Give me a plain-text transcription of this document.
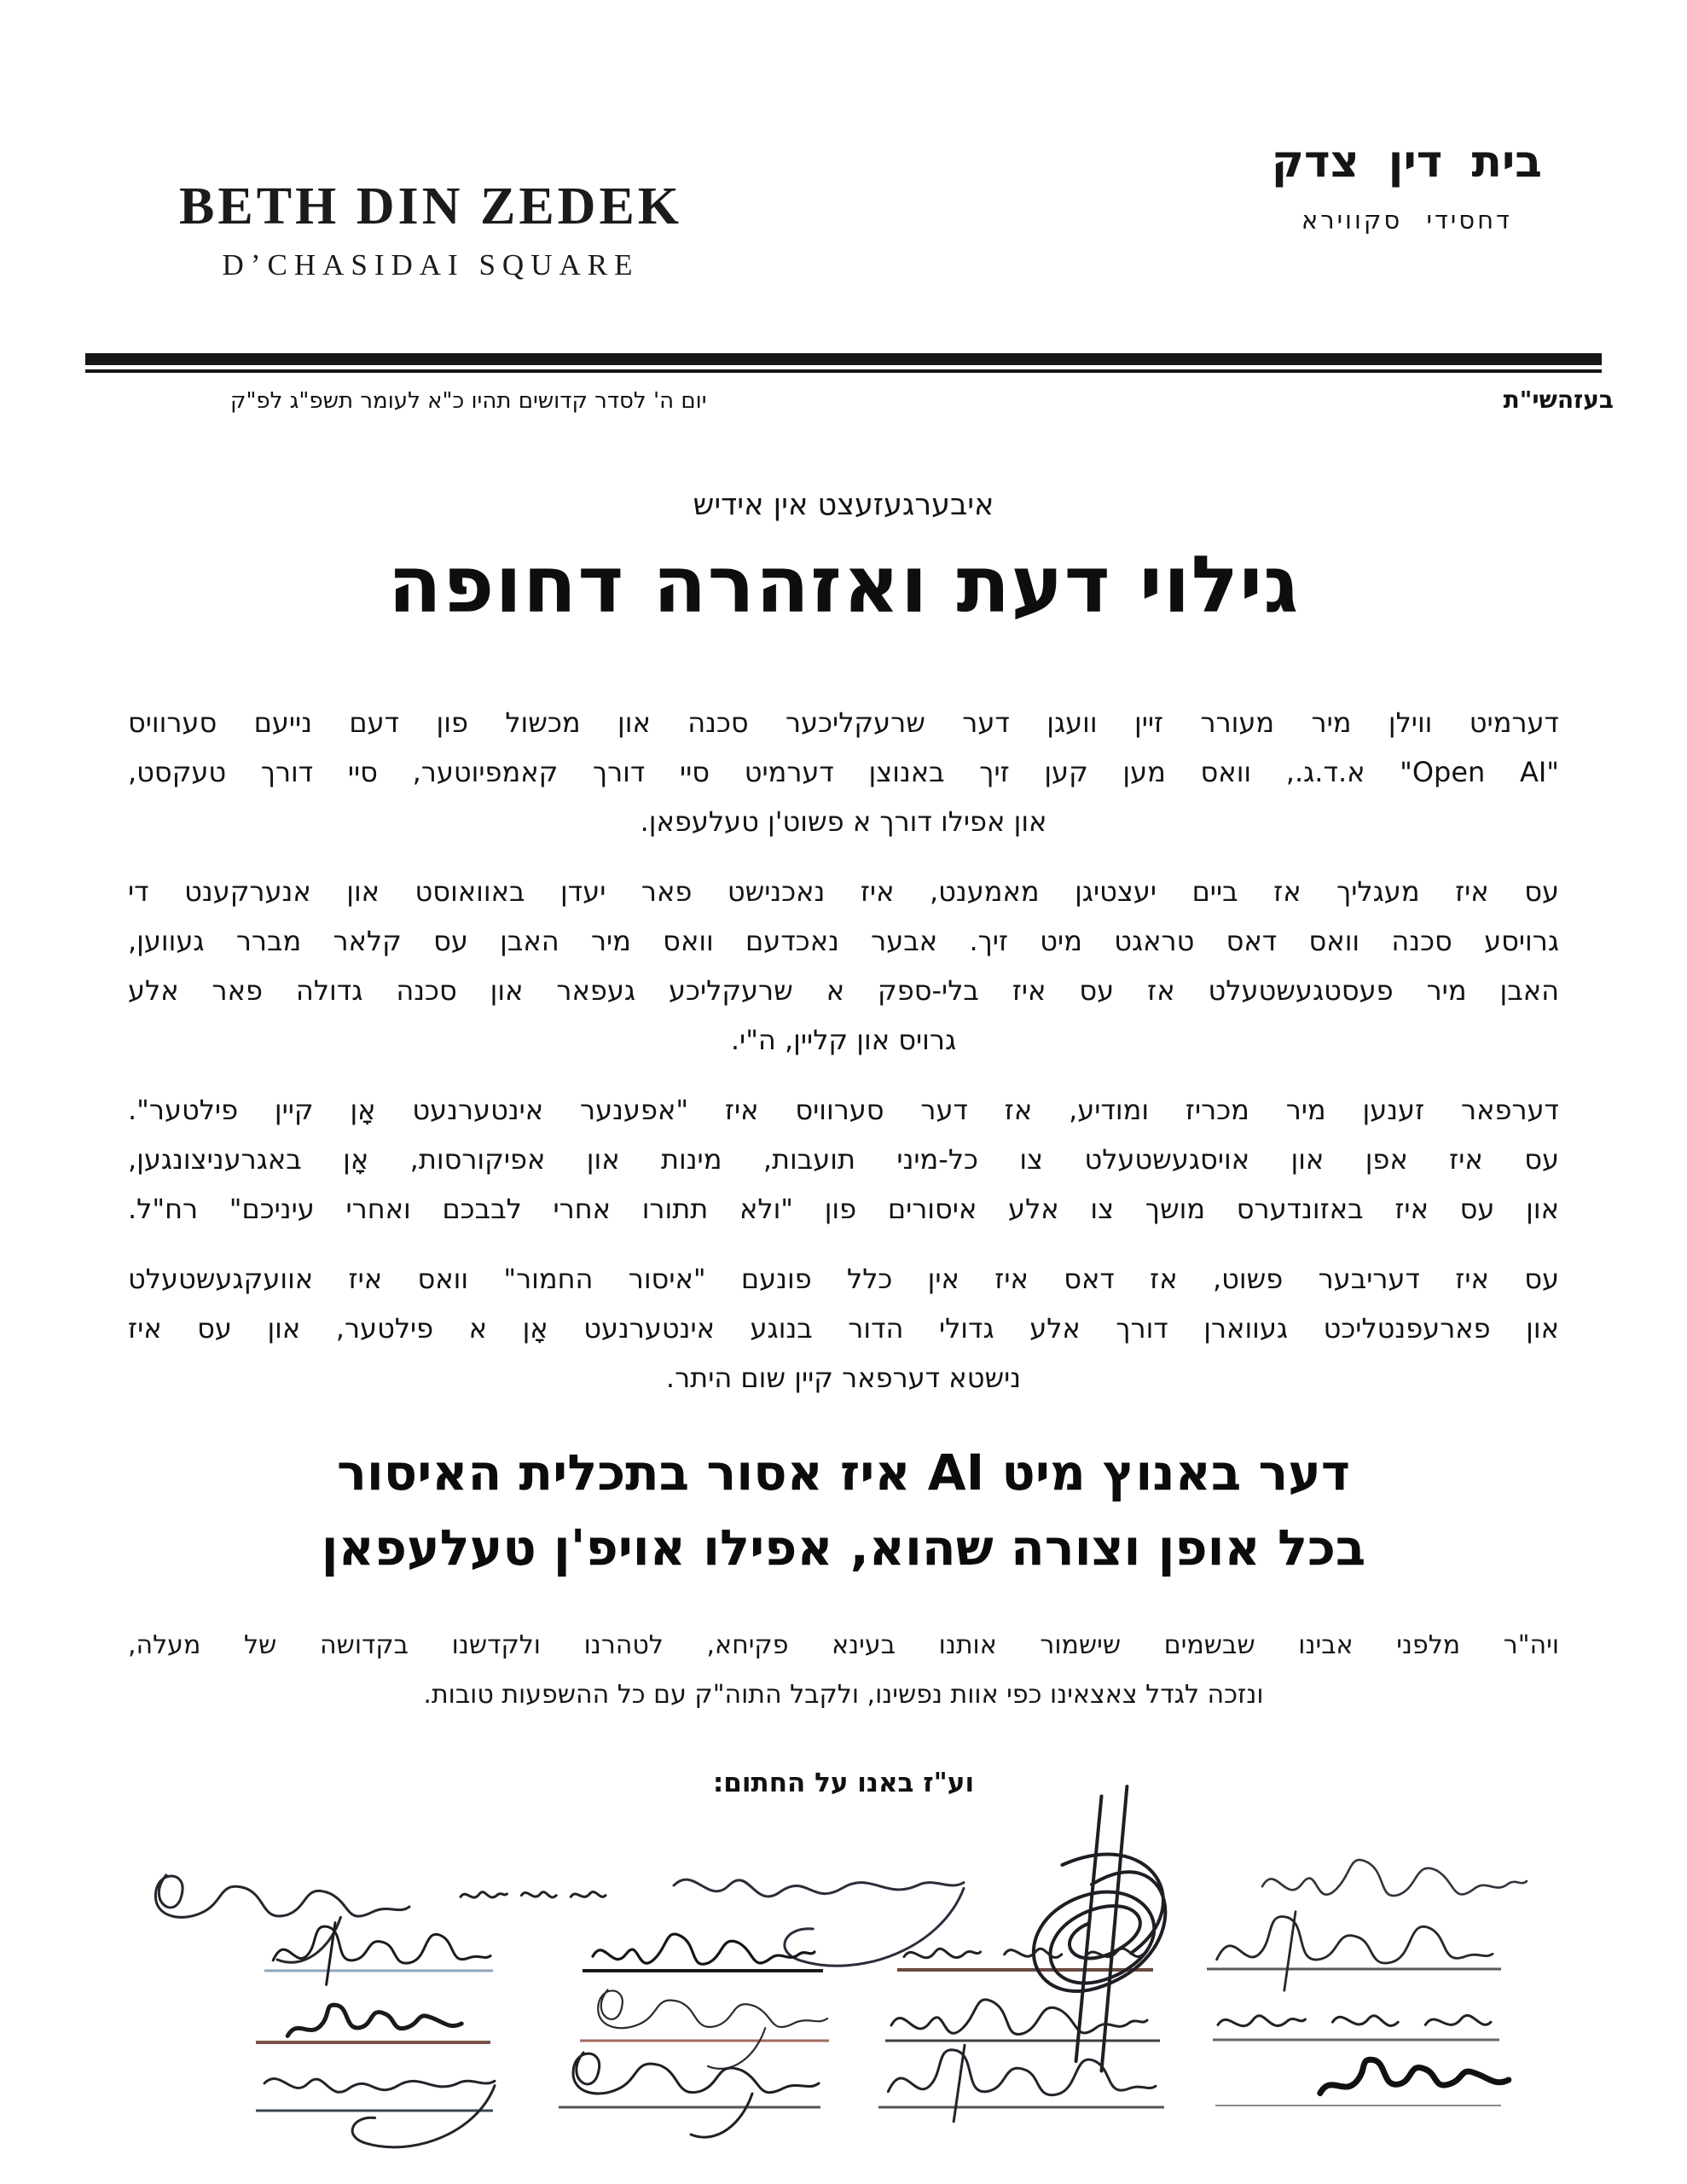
BETH DIN ZEDEK
D’CHASIDAI SQUARE
בית דין צדק
דחסידי סקווירא
בעזהשי"ת
יום ה' לסדר קדושים תהיו כ"א לעומר תשפ"ג לפ"ק
איבערגעזעצט אין אידיש
גילוי דעת ואזהרה דחופה
דערמיט ווילן מיר מעורר זיין וועגן דער שרעקליכער סכנה און מכשול פון דעם נייעם סערוויס
"Open AI" א.ד.ג., וואס מען קען זיך באנוצן דערמיט סיי דורך קאמפיוטער, סיי דורך טעקסט,
און אפילו דורך א פשוט'ן טעלעפאן.
עס איז מעגליך אז ביים יעצטיגן מאמענט, איז נאכנישט פאר יעדן באוואוסט און אנערקענט די
גרויסע סכנה וואס דאס טראגט מיט זיך. אבער נאכדעם וואס מיר האבן עס קלאר מברר געווען,
האבן מיר פעסטגעשטעלט אז עס איז בלי-ספק א שרעקליכע געפאר און סכנה גדולה פאר אלע
גרויס און קליין, ה"י.
דערפאר זענען מיר מכריז ומודיע, אז דער סערוויס איז "אפענער אינטערנעט אָן קיין פילטער".
עס איז אפן און אויסגעשטעלט צו כל-מיני תועבות, מינות און אפיקורסות, אָן באגרעניצונגען,
און עס איז באזונדערס מושך צו אלע איסורים פון "ולא תתורו אחרי לבבכם ואחרי עיניכם" רח"ל.
עס איז דעריבער פשוט, אז דאס איז אין כלל פונעם "איסור החמור" וואס איז אוועקגעשטעלט
און פארעפנטליכט געווארן דורך אלע גדולי הדור בנוגע אינטערנעט אָן א פילטער, און עס איז
נישטא דערפאר קיין שום היתר.
דער באנוץ מיט AI איז אסור בתכלית האיסור
בכל אופן וצורה שהוא, אפילו אויפ'ן טעלעפאן
ויה"ר מלפני אבינו שבשמים שישמור אותנו בעינא פקיחא, לטהרנו ולקדשנו בקדושה של מעלה,
ונזכה לגדל צאצאינו כפי אוות נפשינו, ולקבל התוה"ק עם כל ההשפעות טובות.
וע"ז באנו על החתום:
